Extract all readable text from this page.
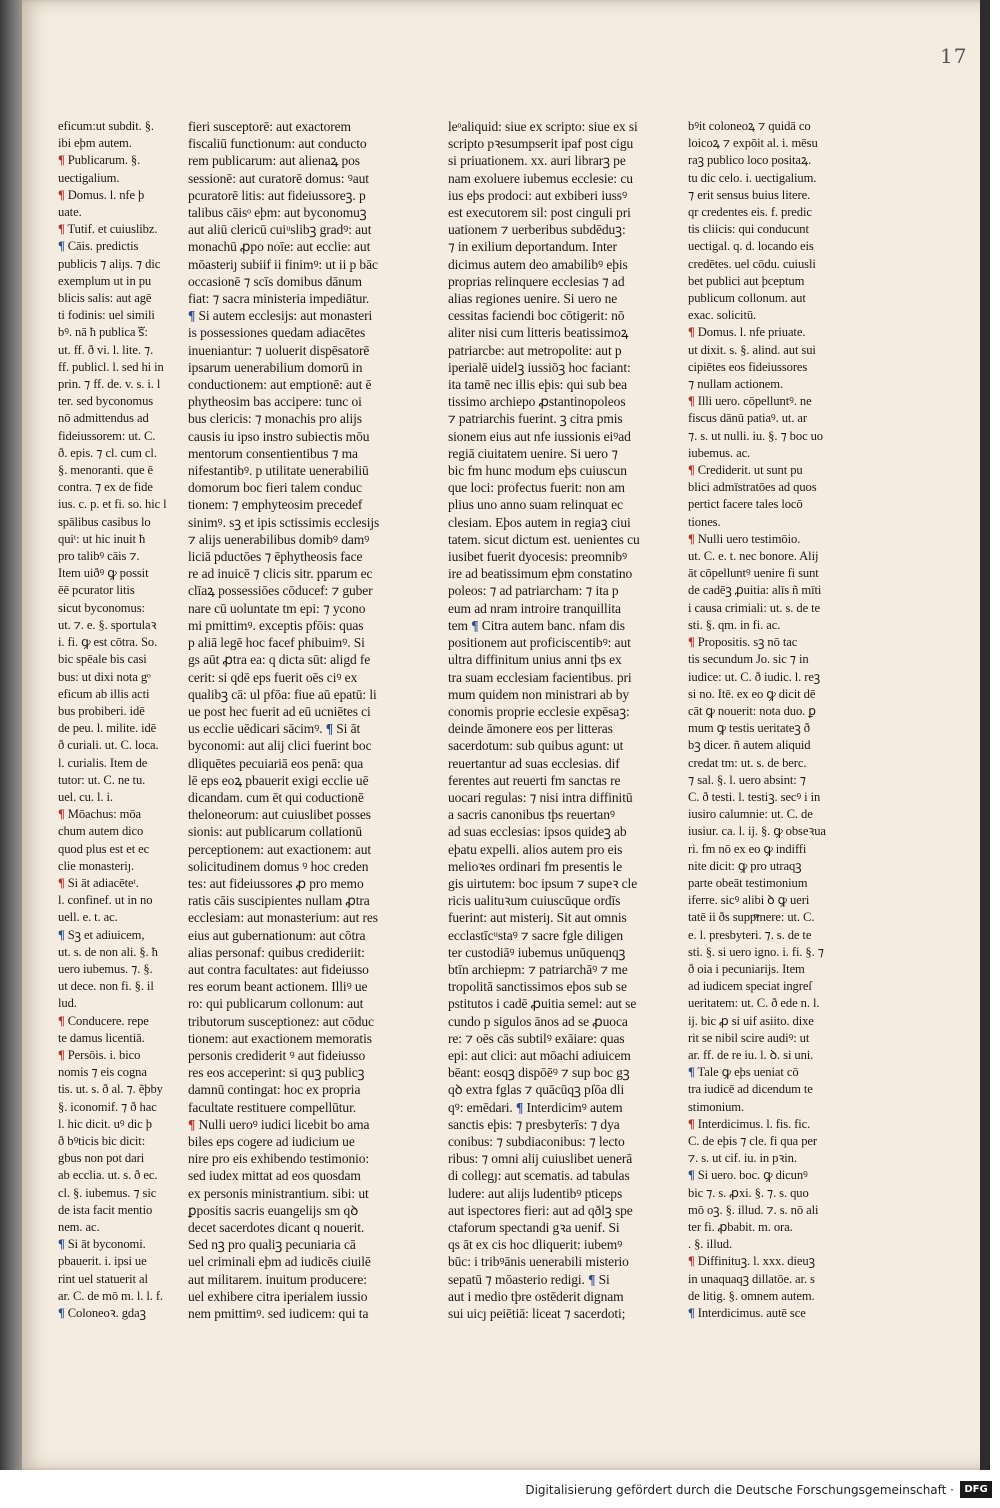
17

eficum:ut subdit. §.

ibi eþm autem.

¶ Publicarum. §.

uectigalium.

¶ Domus. l. nfe þ

uate.

¶ Tutif. et cuiuslibz.

¶ Cāis. predictis

publicis ⁊ aliȷs. ⁊ dic

exemplum ut in pu

blicis salis: aut agē

ti fodinis: uel simili

bꝰ. nā ħ publica sᷓ:

ut. ff. ð vi. l. lite. ⁊.

ff. publicl. l. sed hi in

prin. ⁊ ff. de. v. s. i. l

ter. sed byconomus

nō admittendus ad

fideiussorem: ut. C.

ð. epis. ⁊ cl. cum cl.

§. menoranti. que ē

contra. ⁊ ex de fide

ius. c. p. et fi. so. hic l

spālibus casibus lo

quiᵗ: ut hic inuit ħ

pro talibꝰ cāis ⁊.

Item uiðꝰ ꝙ possit

ēē pcurator litis

sicut byconomus:

ut. ⁊. e. §. sportulaꝛ

i. fi. ꝙ est cōtra. So.

bic spēale bis casi

bus: ut dixi nota gᵒ

eficum ab illis acti

bus probiberi. idē

de peu. l. milite. idē

ð curiali. ut. C. loca.

l. curialis. Item de

tutor: ut. C. ne tu.

uel. cu. l. i.

¶ Mōachus: mōa

chum autem dico

quod plus est et ec

clie monasteriȷ.

¶ Si āt adiacēteᵗ.

l. confinef. ut in no

uell. e. t. ac.

¶ Sꝫ et adiuicem,

ut. s. de non ali. §. ħ

uero iubemus. ⁊. §.

ut dece. non fi. §. il

lud.

¶ Conducere. repe

te damus licentiā.

¶ Persōis. i. bico

nomis ⁊ eis cogna

tis. ut. s. ð al. ⁊. ẽþby

§. iconomif. ⁊ ð hac

l. hic dicit. uꝰ dic þ

ð bꝰticis bic dicit:

gbus non pot dari

ab ecclia. ut. s. ð ec.

cl. §. iubemus. ⁊ sic

de ista facit mentio

nem. ac.

¶ Si āt byconomi.

pbauerit. i. ipsi ue

rint uel statuerit al

ar. C. de mō m. l. l. f.

¶ Coloneoꝛ. gdaꝫ

fieri susceptorē: aut exactorem

fiscaliū functionum: aut conducto

rem publicarum: aut alienaꝝ pos

sessionē: aut curatorē domus: ꝰaut

pcuratorē litis: aut fideiussoreꝫ. p

talibus cāisᵒ eþm: aut byconomuꝫ

aut aliū clericū cuiᵘslibꝫ gradꝰ: aut

monachū ꝓpo noīe: aut ecclie: aut

mōasteriȷ subiif ii finimꝰ: ut ii p bāc

occasionē ⁊ scīs domibus dānum

fiat: ⁊ sacra ministeria impediātur.

¶ Si autem ecclesijs: aut monasteri

is possessiones quedam adiacētes

inueniantur: ⁊ uoluerit dispēsatorē

ipsarum uenerabilium domorū in

conductionem: aut emptionē: aut ē

phytheosim bas accipere: tunc oi

bus clericis: ⁊ monachis pro alijs

causis iu ipso instro subiectis mōu

mentorum consentientibus ⁊ ma

nifestantibꝰ. p utilitate uenerabiliū

domorum boc fieri talem conduc

tionem: ⁊ emphyteosim precedef

sinimꝰ. sꝫ et ipis sctissimis ecclesijs

⁊ alijs uenerabilibus domibꝰ damꝰ

liciā pductōes ⁊ ēphytheosis face

re ad inuicē ⁊ clicis sitr. pparum ec

clīaꝝ possessiōes cōducef: ⁊ guber

nare cū uoluntate tm epi: ⁊ ycono

mi pmittimꝰ. exceptis pfōis: quas

p aliā legē hoc facef phibuimꝰ. Si

gs aūt ꝓtra ea: q dicta sūt: aligd fe

cerit: si qdē eps fuerit oēs ciꝰ ex

qualibꝫ cā: ul pfōa: fiue aū epatū: li

ue post hec fuerit ad eū ucniētes ci

us ecclie uēdicari sācimꝰ. ¶ Si āt

byconomi: aut alij clici fuerint boc

dliquētes pecuiariā eos penā: qua

lē eps eoꝝ pbauerit exigi ecclie uē

dicandam. cum ēt qui coductionē

theloneorum: aut cuiuslibet posses

sionis: aut publicarum collationū

perceptionem: aut exactionem: aut

solicitudinem domus ꝰ hoc creden

tes: aut fideiussores ꝓ pro memo

ratis cāis suscipientes nullam ꝓtra

ecclesiam: aut monasterium: aut res

eius aut gubernationum: aut cōtra

alias personaf: quibus credideriit:

aut contra facultates: aut fideiusso

res eorum beant actionem. Illiꝰ ue

ro: qui publicarum collonum: aut

tributorum susceptionez: aut cōduc

tionem: aut exactionem memoratis

personis crediderit ꝰ aut fideiusso

res eos acceperint: si quꝫ publicꝫ

damnū contingat: hoc ex propria

facultate restituere compellūtur.

¶ Nulli ueroꝰ iudici licebit bo ama

biles eps cogere ad iudicium ue

nire pro eis exhibendo testimonio:

sed iudex mittat ad eos quosdam

ex personis ministrantium. sibi: ut

ꝑpositis sacris euangelijs sm qꝺ

decet sacerdotes dicant q nouerit.

Sed nꝫ pro qualiꝫ pecuniaria cā

uel criminali eþm ad iudicēs ciuilē

aut militarem. inuitum producere:

uel exhibere citra iperialem iussio

nem pmittimꝰ. sed iudicem: qui ta

leᵒaliquid: siue ex scripto: siue ex si

scripto pꝛesumpserit ipaf post cigu

si priuationem. xx. auri librarꝫ pe

nam exoluere iubemus ecclesie: cu

ius eþs prodoci: aut exbiberi iussꝰ

est executorem sil: post cinguli pri

uationem ⁊ uerberibus subdēduꝫ:

⁊ in exilium deportandum. Inter

dicimus autem deo amabilibꝰ eþis

proprias relinquere ecclesias ⁊ ad

alias regiones uenire. Si uero ne

cessitas faciendi boc cōtigerit: nō

aliter nisi cum litteris beatissimoꝝ

patriarcbe: aut metropolite: aut p

iperialē uidelꝫ iussiōꝫ hoc faciant:

ita tamē nec illis eþis: qui sub bea

tissimo archiepo ꝓstantinopoleos

⁊ patriarchis fuerint. ꝫ citra pmis

sionem eius aut nfe iussionis eiꝰad

regiā ciuitatem uenire. Si uero ⁊

bic fm hunc modum eþs cuiuscun

que loci: profectus fuerit: non am

plius uno anno suam relinquat ec

clesiam. Eþos autem in regiaꝫ ciui

tatem. sicut dictum est. uenientes cu

iusibet fuerit dyocesis: preomnibꝰ

ire ad beatissimum eþm constatino

poleos: ⁊ ad patriarcham: ⁊ ita p

eum ad nram introire tranquillita

tem ¶ Citra autem banc. nfam dis

positionem aut proficiscentibꝰ: aut

ultra diffinitum unius anni tþs ex

tra suam ecclesiam facientibus. pri

mum quidem non ministrari ab by

conomis proprie ecclesie expēsaꝫ:

deinde āmonere eos per litteras

sacerdotum: sub quibus agunt: ut

reuertantur ad suas ecclesias. dif

ferentes aut reuerti fm sanctas re

uocari regulas: ⁊ nisi intra diffinitū

a sacris canonibus tþs reuertanꝰ

ad suas ecclesias: ipsos quideꝫ ab

eþatu expelli. alios autem pro eis

melioꝛes ordinari fm presentis le

gis uirtutem: boc ipsum ⁊ supeꝛ cle

ricis ualituꝛum cuiuscūque ordīs

fuerint: aut misteriȷ. Sit aut omnis

ecclastīcᵘstaꝰ ⁊ sacre fgle diligen

ter custodiāꝰ iubemus unūquenqꝫ

btīn archiepm: ⁊ patriarchāꝰ ⁊ me

tropolitā sanctissimos eþos sub se

pstitutos i cadē ꝓuitia semel: aut se

cundo p sigulos ānos ad se ꝓuoca

re: ⁊ oēs cās subtilꝰ exāiare: quas

epi: aut clici: aut mōachi adiuicem

bēant: eosqꝫ dispōēꝰ ⁊ sup boc gꝫ

qꝺ extra fglas ⁊ quācūqꝫ pſōa dli

qꝰ: emēdari. ¶ Interdicimꝰ autem

sanctis eþis: ⁊ presbyterīs: ⁊ dya

conibus: ⁊ subdiaconibus: ⁊ lecto

ribus: ⁊ omni alij cuiuslibet uenerā

di collegȷ: aut scematis. ad tabulas

ludere: aut alijs ludentibꝰ pticeps

aut ispectores fieri: aut ad qðlꝫ spe

ctaforum spectandi gꝛa uenif. Si

qs āt ex cis hoc dliquerit: iubemꝰ

būc: i tribꝰānis uenerabili misterio

sepatū ⁊ mōasterio redigi. ¶ Si

aut i medio tþre ostēderit dignam

sui uicȷ peiētiā: liceat ⁊ sacerdoti;

bꝰit coloneoꝝ ⁊ quidā co

loicoꝝ ⁊ expōit al. i. mēsu

raꝫ publico loco positaꝝ.

tu dic celo. i. uectigalium.

⁊ erit sensus buius litere.

qr credentes eis. f. predic

tis cliicis: qui conducunt

uectigal. q. d. locando eis

credētes. uel cōdu. cuiusli

bet publici aut þceptum

publicum collonum. aut

exac. solicitū.

¶ Domus. l. nfe priuate.

ut dixit. s. §. alind. aut sui

cipiētes eos fideiussores

⁊ nullam actionem.

¶ Illi uero. cōpelluntꝰ. ne

fiscus dānū patiaꝰ. ut. ar

⁊. s. ut nulli. iu. §. ⁊ boc uo

iubemus. ac.

¶ Crediderit. ut sunt pu

blici admīstratōes ad quos

pertict facere tales locō

tiones.

¶ Nulli uero testimōio.

ut. C. e. t. nec bonore. Alij

āt cōpelluntꝰ uenire fi sunt

de cadēꝫ ꝓuitia: alīs ñ mīti

i causa crimiali: ut. s. de te

sti. §. qm. in fi. ac.

¶ Propositis. sꝫ nō tac

tis secundum Jo. sic ⁊ in

iudice: ut. C. ð iudic. l. reꝫ

si no. Itē. ex eo ꝙ dicit dē

cāt ꝙ nouerit: nota duo. ꝑ

mum ꝙ testis ueritateꝫ ð

bꝫ dicer. ñ autem aliquid

credat tm: ut. s. de berc.

⁊ sal. §. l. uero absint: ⁊

C. ð testi. l. testiꝫ. secꝰ i in

iusiro calumnie: ut. C. de

iusiur. ca. l. ij. §. ꝙ obseꝛua

ri. fm nō ex eo ꝙ indiffi

nite dicit: ꝙ pro utraqꝫ

parte obeāt testimonium

iferre. sicꝰ alibi ꝺ ꝙ ueri

tatē ii ðs suppͫmere: ut. C.

e. l. presbyteri. ⁊. s. de te

sti. §. si uero igno. i. fi. §. ⁊

ð oia i pecuniarijs. Item

ad iudicem speciat ingreſ

ueritatem: ut. C. ð ede n. l.

ij. bic ꝓ si uif asiito. dixe

rit se nibil scire audiꝰ: ut

ar. ff. de re iu. l. ꝺ. si uni.

¶ Tale ꝙ eþs ueniat cō

tra iudicē ad dicendum te

stimonium.

¶ Interdicimus. l. fis. fic.

C. de eþis ⁊ cle. fi qua per

⁊. s. ut cif. iu. in pꝛin.

¶ Si uero. boc. ꝙ dicunꝰ

bic ⁊. s. ꝓxi. §. ⁊. s. quo

mō oꝫ. §. illud. ⁊. s. nō ali

ter fi. ꝓbabit. m. ora.

. §. illud.

¶ Diffinituꝫ. l. xxx. dieuꝫ

in unaquaqꝫ dillatōe. ar. s

de litig. §. omnem autem.

¶ Interdicimus. autē sce

Digitalisierung gefördert durch die Deutsche Forschungsgemeinschaft ·	DFG
